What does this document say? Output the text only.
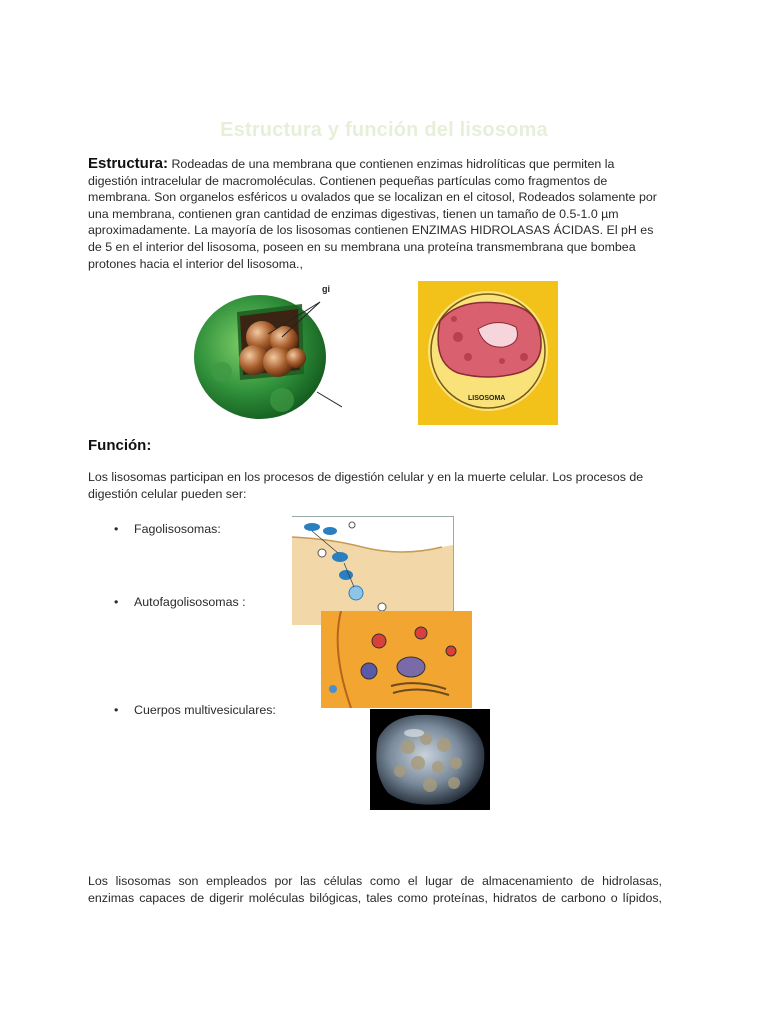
Estructura y función del lisosoma
Estructura: Rodeadas de una membrana que contienen enzimas hidrolíticas que permiten la digestión intracelular de macromoléculas. Contienen pequeñas partículas como fragmentos de membrana. Son organelos esféricos u ovalados que se localizan en el citosol, Rodeados solamente por una membrana, contienen gran cantidad de enzimas digestivas, tienen un tamaño de 0.5-1.0 µm aproximadamente. La mayoría de los lisosomas contienen ENZIMAS HIDROLASAS ÁCIDAS. El pH es de 5 en el interior del lisosoma, poseen en su membrana una proteína transmembrana que bombea protones hacia el interior del lisosoma.,
gi
LISOSOMA
Función:
Los lisosomas participan en los procesos de digestión celular y en la muerte celular. Los procesos de digestión celular pueden ser:
• Fagolisosomas:
• Autofagolisosomas :
• Cuerpos multivesiculares:
Los lisosomas son empleados por las células como el lugar de almacenamiento de hidrolasas,
enzimas capaces de digerir moléculas bilógicas, tales como proteínas, hidratos de carbono o lípidos,
